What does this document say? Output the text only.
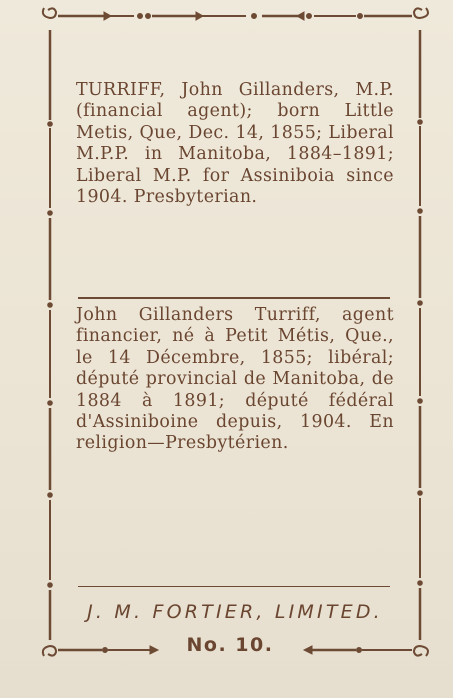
TURRIFF, John Gillanders, M.P. (financial agent); born Little Metis, Que, Dec. 14, 1855; Liberal M.P.P. in Manitoba, 1884–1891; Liberal M.P. for Assiniboia since 1904. Presbyterian.
John Gillanders Turriff, agent financier, né à Petit Métis, Que., le 14 Décembre, 1855; libéral; député provincial de Manitoba, de 1884 à 1891; député fédéral d'Assiniboine depuis, 1904. En religion—Presbytérien.
J. M. FORTIER, LIMITED.
No. 10.
